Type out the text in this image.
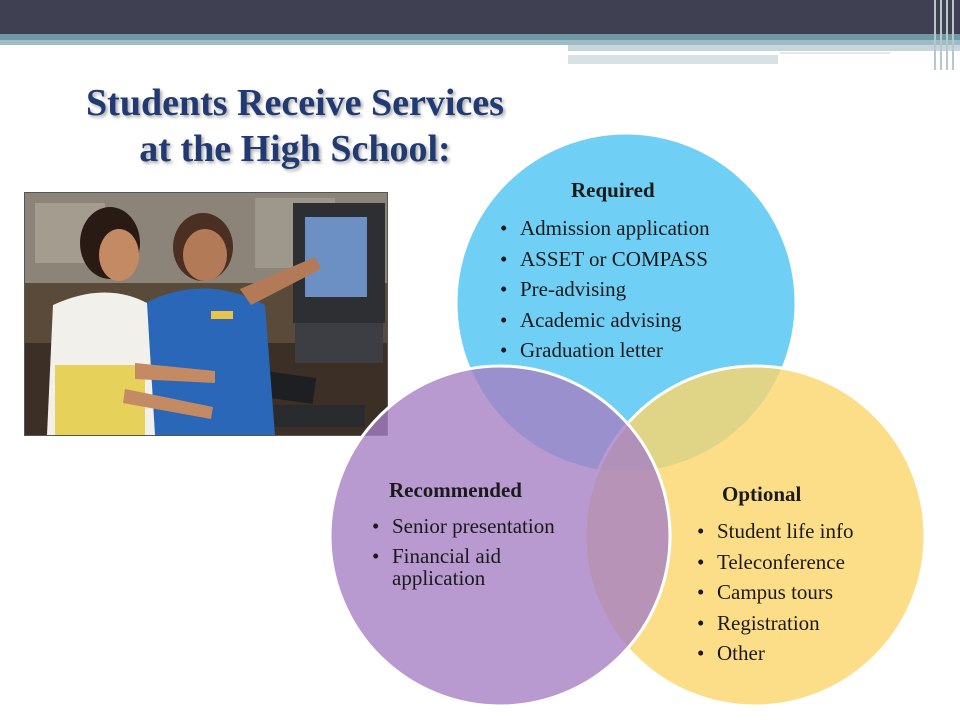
Students Receive Services
at the High School:
Required
• Admission application
• ASSET or COMPASS
• Pre-advising
• Academic advising
• Graduation letter
Recommended
• Senior presentation
• Financial aid application
Optional
• Student life info
• Teleconference
• Campus tours
• Registration
• Other
